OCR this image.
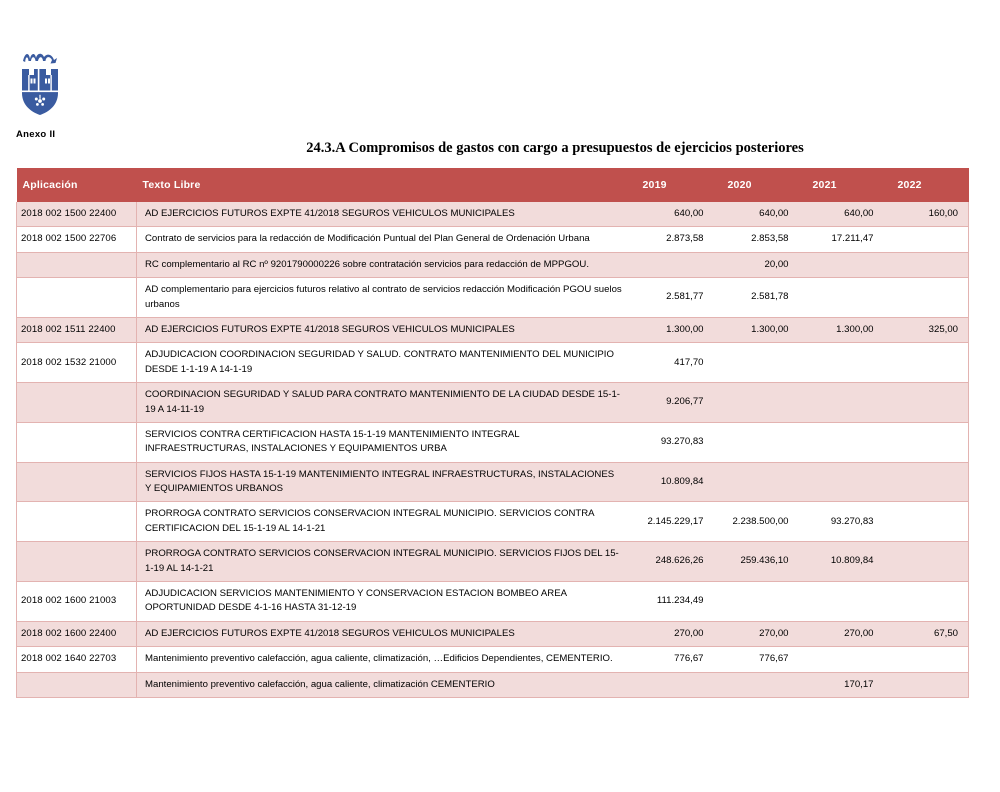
Anexo II
24.3.A Compromisos de gastos con cargo a presupuestos de ejercicios posteriores
Aplicación	Texto Libre	2019	2020	2021	2022
2018 002 1500 22400	AD EJERCICIOS FUTUROS EXPTE 41/2018 SEGUROS VEHICULOS MUNICIPALES	640,00	640,00	640,00	160,00
2018 002 1500 22706	Contrato de servicios para la redacción de Modificación Puntual del Plan General de Ordenación Urbana	2.873,58	2.853,58	17.211,47	
	RC complementario al RC nº 9201790000226 sobre contratación servicios para redacción de MPPGOU.		20,00		
	AD complementario para ejercicios futuros relativo al contrato de servicios redacción Modificación PGOU suelos urbanos	2.581,77	2.581,78		
2018 002 1511 22400	AD EJERCICIOS FUTUROS EXPTE 41/2018 SEGUROS VEHICULOS MUNICIPALES	1.300,00	1.300,00	1.300,00	325,00
2018 002 1532 21000	ADJUDICACION COORDINACION SEGURIDAD Y SALUD. CONTRATO MANTENIMIENTO DEL MUNICIPIO DESDE 1-1-19 A 14-1-19	417,70			
	COORDINACION SEGURIDAD Y SALUD PARA CONTRATO MANTENIMIENTO DE LA CIUDAD DESDE 15-1-19 A 14-11-19	9.206,77			
	SERVICIOS CONTRA CERTIFICACION HASTA 15-1-19 MANTENIMIENTO INTEGRAL INFRAESTRUCTURAS, INSTALACIONES Y EQUIPAMIENTOS URBA	93.270,83			
	SERVICIOS FIJOS HASTA 15-1-19 MANTENIMIENTO INTEGRAL INFRAESTRUCTURAS, INSTALACIONES Y EQUIPAMIENTOS URBANOS	10.809,84			
	PRORROGA CONTRATO SERVICIOS CONSERVACION INTEGRAL MUNICIPIO. SERVICIOS CONTRA CERTIFICACION DEL 15-1-19 AL 14-1-21	2.145.229,17	2.238.500,00	93.270,83	
	PRORROGA CONTRATO SERVICIOS CONSERVACION INTEGRAL MUNICIPIO. SERVICIOS FIJOS DEL 15-1-19 AL 14-1-21	248.626,26	259.436,10	10.809,84	
2018 002 1600 21003	ADJUDICACION SERVICIOS MANTENIMIENTO Y CONSERVACION ESTACION BOMBEO AREA OPORTUNIDAD DESDE 4-1-16 HASTA 31-12-19	111.234,49			
2018 002 1600 22400	AD EJERCICIOS FUTUROS EXPTE 41/2018 SEGUROS VEHICULOS MUNICIPALES	270,00	270,00	270,00	67,50
2018 002 1640 22703	Mantenimiento preventivo calefacción, agua caliente, climatización, …Edificios Dependientes, CEMENTERIO.	776,67	776,67		
	Mantenimiento preventivo calefacción, agua caliente, climatización CEMENTERIO			170,17	
